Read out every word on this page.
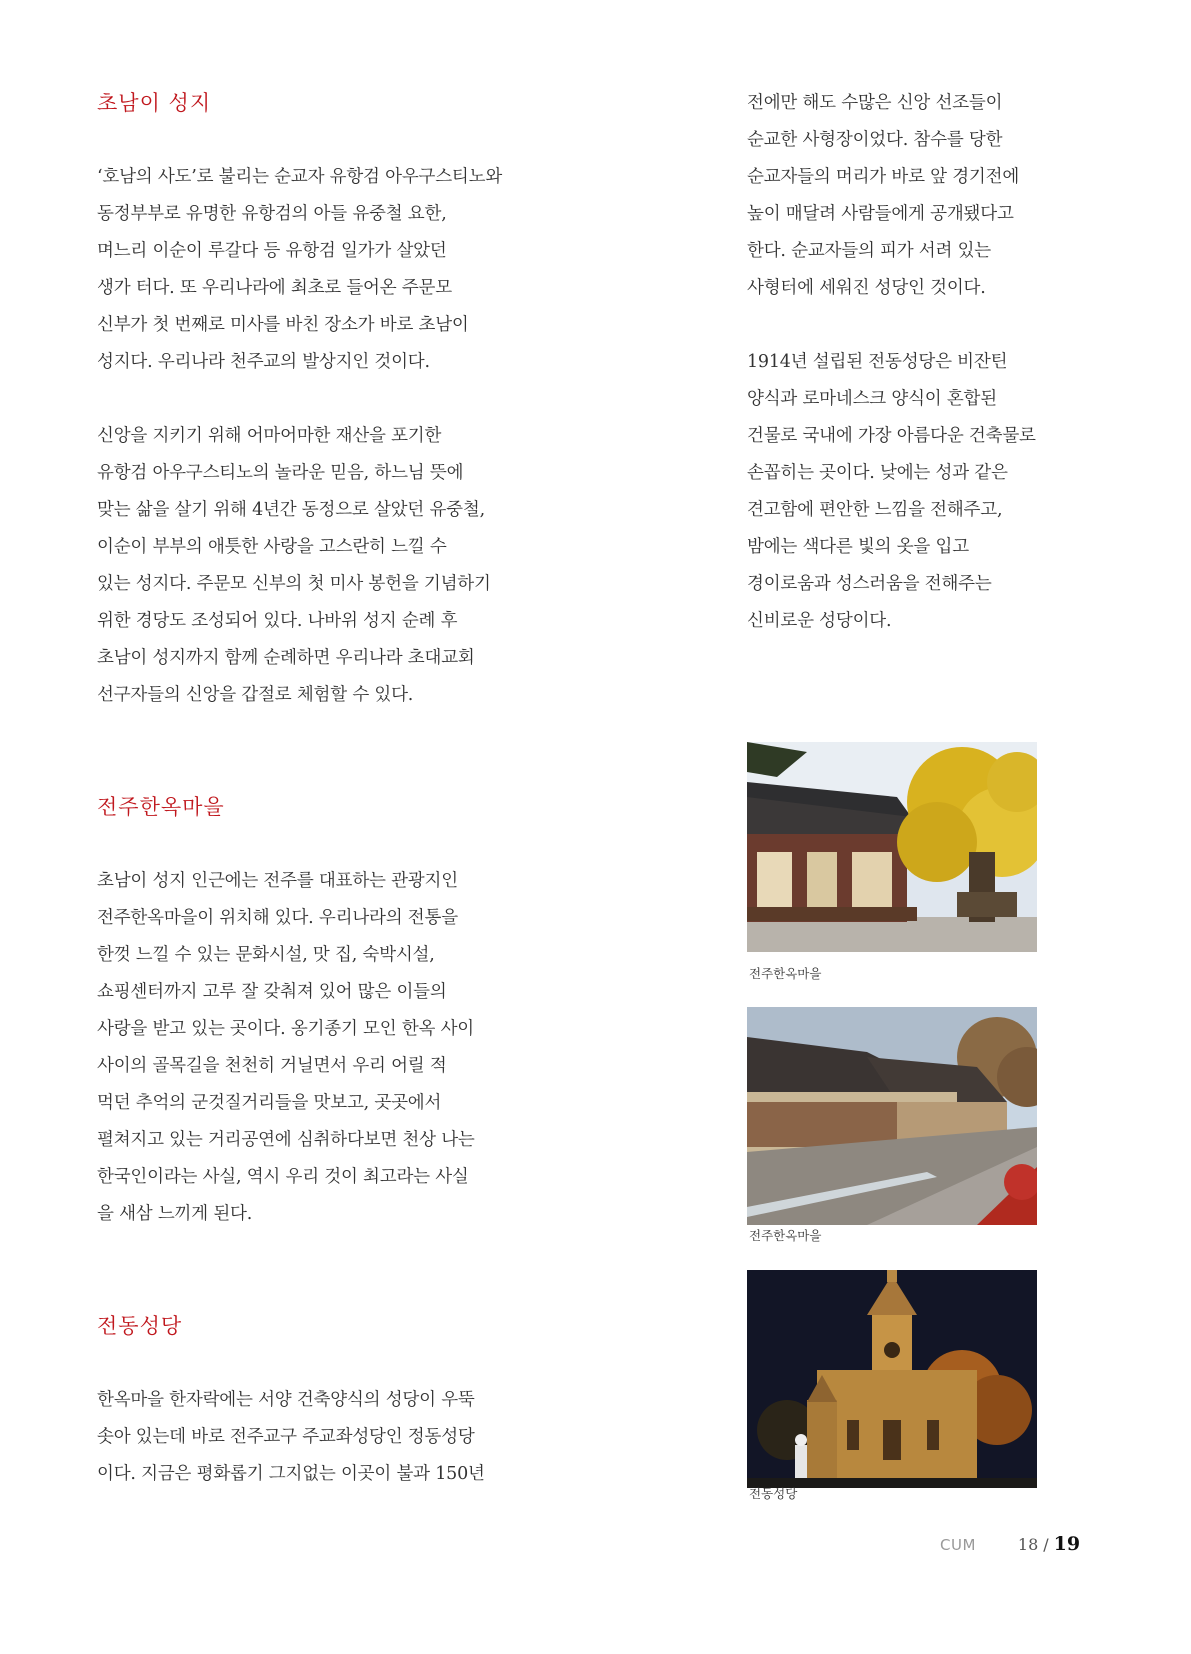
초남이 성지

‘호남의 사도’로 불리는 순교자 유항검 아우구스티노와
동정부부로 유명한 유항검의 아들 유중철 요한,
며느리 이순이 루갈다 등 유항검 일가가 살았던
생가 터다. 또 우리나라에 최초로 들어온 주문모
신부가 첫 번째로 미사를 바친 장소가 바로 초남이
성지다. 우리나라 천주교의 발상지인 것이다.

신앙을 지키기 위해 어마어마한 재산을 포기한
유항검 아우구스티노의 놀라운 믿음, 하느님 뜻에
맞는 삶을 살기 위해 4년간 동정으로 살았던 유중철,
이순이 부부의 애틋한 사랑을 고스란히 느낄 수
있는 성지다. 주문모 신부의 첫 미사 봉헌을 기념하기
위한 경당도 조성되어 있다. 나바위 성지 순례 후
초남이 성지까지 함께 순례하면 우리나라 초대교회
선구자들의 신앙을 갑절로 체험할 수 있다.

전주한옥마을

초남이 성지 인근에는 전주를 대표하는 관광지인
전주한옥마을이 위치해 있다. 우리나라의 전통을
한껏 느낄 수 있는 문화시설, 맛 집, 숙박시설,
쇼핑센터까지 고루 잘 갖춰져 있어 많은 이들의
사랑을 받고 있는 곳이다. 옹기종기 모인 한옥 사이
사이의 골목길을 천천히 거닐면서 우리 어릴 적
먹던 추억의 군것질거리들을 맛보고, 곳곳에서
펼쳐지고 있는 거리공연에 심취하다보면 천상 나는
한국인이라는 사실, 역시 우리 것이 최고라는 사실
을 새삼 느끼게 된다.

전동성당

한옥마을 한자락에는 서양 건축양식의 성당이 우뚝
솟아 있는데 바로 전주교구 주교좌성당인 정동성당
이다. 지금은 평화롭기 그지없는 이곳이 불과 150년

전에만 해도 수많은 신앙 선조들이
순교한 사형장이었다. 참수를 당한
순교자들의 머리가 바로 앞 경기전에
높이 매달려 사람들에게 공개됐다고
한다. 순교자들의 피가 서려 있는
사형터에 세워진 성당인 것이다.

1914년 설립된 전동성당은 비잔틴
양식과 로마네스크 양식이 혼합된
건물로 국내에 가장 아름다운 건축물로
손꼽히는 곳이다. 낮에는 성과 같은
견고함에 편안한 느낌을 전해주고,
밤에는 색다른 빛의 옷을 입고
경이로움과 성스러움을 전해주는
신비로운 성당이다.

전주한옥마을
전주한옥마을
전동성당
CUM	18 / 19
